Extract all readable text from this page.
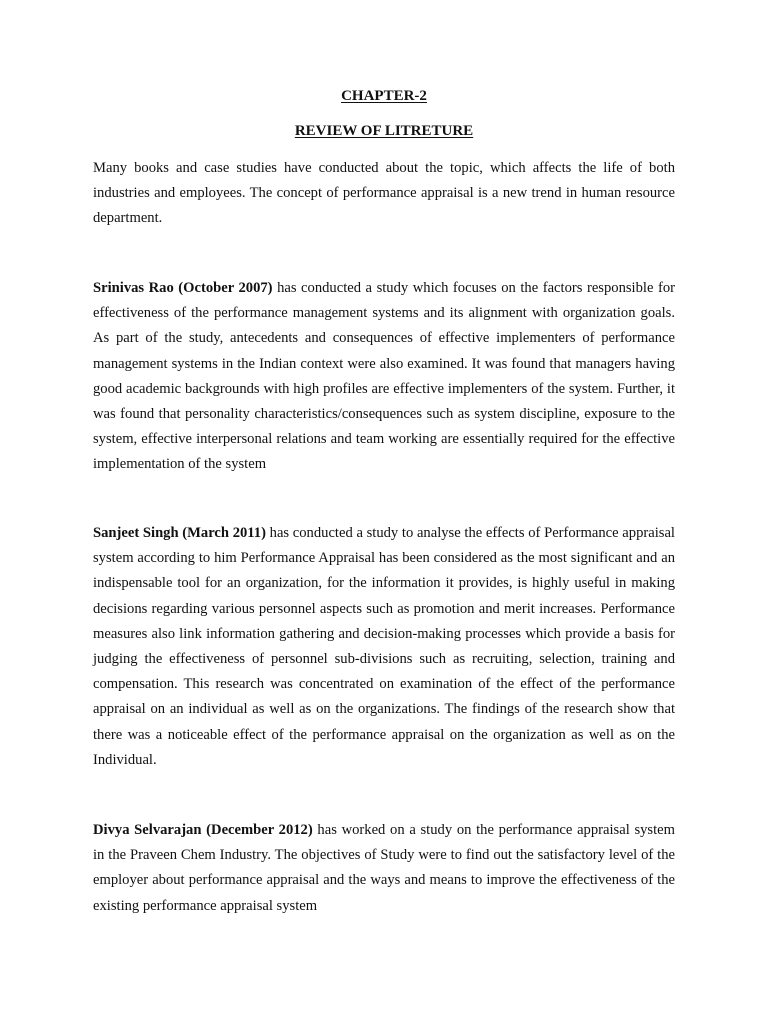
CHAPTER-2
REVIEW OF LITRETURE

Many books and case studies have conducted about the topic, which affects the life of both industries and employees. The concept of performance appraisal is a new trend in human resource department.

Srinivas Rao (October 2007) has conducted a study which focuses on the factors responsible for effectiveness of the performance management systems and its alignment with organization goals. As part of the study, antecedents and consequences of effective implementers of performance management systems in the Indian context were also examined. It was found that managers having good academic backgrounds with high profiles are effective implementers of the system. Further, it was found that personality characteristics/consequences such as system discipline, exposure to the system, effective interpersonal relations and team working are essentially required for the effective implementation of the system

Sanjeet Singh (March 2011) has conducted a study to analyse the effects of Performance appraisal system according to him Performance Appraisal has been considered as the most significant and an indispensable tool for an organization, for the information it provides, is highly useful in making decisions regarding various personnel aspects such as promotion and merit increases. Performance measures also link information gathering and decision-making processes which provide a basis for judging the effectiveness of personnel sub-divisions such as recruiting, selection, training and compensation. This research was concentrated on examination of the effect of the performance appraisal on an individual as well as on the organizations. The findings of the research show that there was a noticeable effect of the performance appraisal on the organization as well as on the Individual.

Divya Selvarajan (December 2012) has worked on a study on the performance appraisal system in the Praveen Chem Industry. The objectives of Study were to find out the satisfactory level of the employer about performance appraisal and the ways and means to improve the effectiveness of the existing performance appraisal system
